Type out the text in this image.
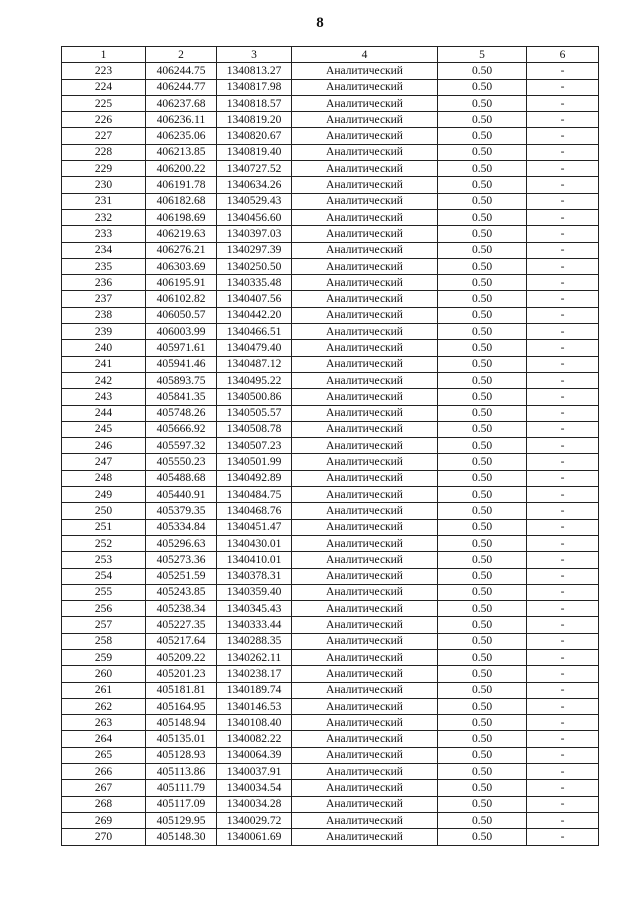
8
1	2	3	4	5	6
223	406244.75	1340813.27	Аналитический	0.50	-
224	406244.77	1340817.98	Аналитический	0.50	-
225	406237.68	1340818.57	Аналитический	0.50	-
226	406236.11	1340819.20	Аналитический	0.50	-
227	406235.06	1340820.67	Аналитический	0.50	-
228	406213.85	1340819.40	Аналитический	0.50	-
229	406200.22	1340727.52	Аналитический	0.50	-
230	406191.78	1340634.26	Аналитический	0.50	-
231	406182.68	1340529.43	Аналитический	0.50	-
232	406198.69	1340456.60	Аналитический	0.50	-
233	406219.63	1340397.03	Аналитический	0.50	-
234	406276.21	1340297.39	Аналитический	0.50	-
235	406303.69	1340250.50	Аналитический	0.50	-
236	406195.91	1340335.48	Аналитический	0.50	-
237	406102.82	1340407.56	Аналитический	0.50	-
238	406050.57	1340442.20	Аналитический	0.50	-
239	406003.99	1340466.51	Аналитический	0.50	-
240	405971.61	1340479.40	Аналитический	0.50	-
241	405941.46	1340487.12	Аналитический	0.50	-
242	405893.75	1340495.22	Аналитический	0.50	-
243	405841.35	1340500.86	Аналитический	0.50	-
244	405748.26	1340505.57	Аналитический	0.50	-
245	405666.92	1340508.78	Аналитический	0.50	-
246	405597.32	1340507.23	Аналитический	0.50	-
247	405550.23	1340501.99	Аналитический	0.50	-
248	405488.68	1340492.89	Аналитический	0.50	-
249	405440.91	1340484.75	Аналитический	0.50	-
250	405379.35	1340468.76	Аналитический	0.50	-
251	405334.84	1340451.47	Аналитический	0.50	-
252	405296.63	1340430.01	Аналитический	0.50	-
253	405273.36	1340410.01	Аналитический	0.50	-
254	405251.59	1340378.31	Аналитический	0.50	-
255	405243.85	1340359.40	Аналитический	0.50	-
256	405238.34	1340345.43	Аналитический	0.50	-
257	405227.35	1340333.44	Аналитический	0.50	-
258	405217.64	1340288.35	Аналитический	0.50	-
259	405209.22	1340262.11	Аналитический	0.50	-
260	405201.23	1340238.17	Аналитический	0.50	-
261	405181.81	1340189.74	Аналитический	0.50	-
262	405164.95	1340146.53	Аналитический	0.50	-
263	405148.94	1340108.40	Аналитический	0.50	-
264	405135.01	1340082.22	Аналитический	0.50	-
265	405128.93	1340064.39	Аналитический	0.50	-
266	405113.86	1340037.91	Аналитический	0.50	-
267	405111.79	1340034.54	Аналитический	0.50	-
268	405117.09	1340034.28	Аналитический	0.50	-
269	405129.95	1340029.72	Аналитический	0.50	-
270	405148.30	1340061.69	Аналитический	0.50	-
